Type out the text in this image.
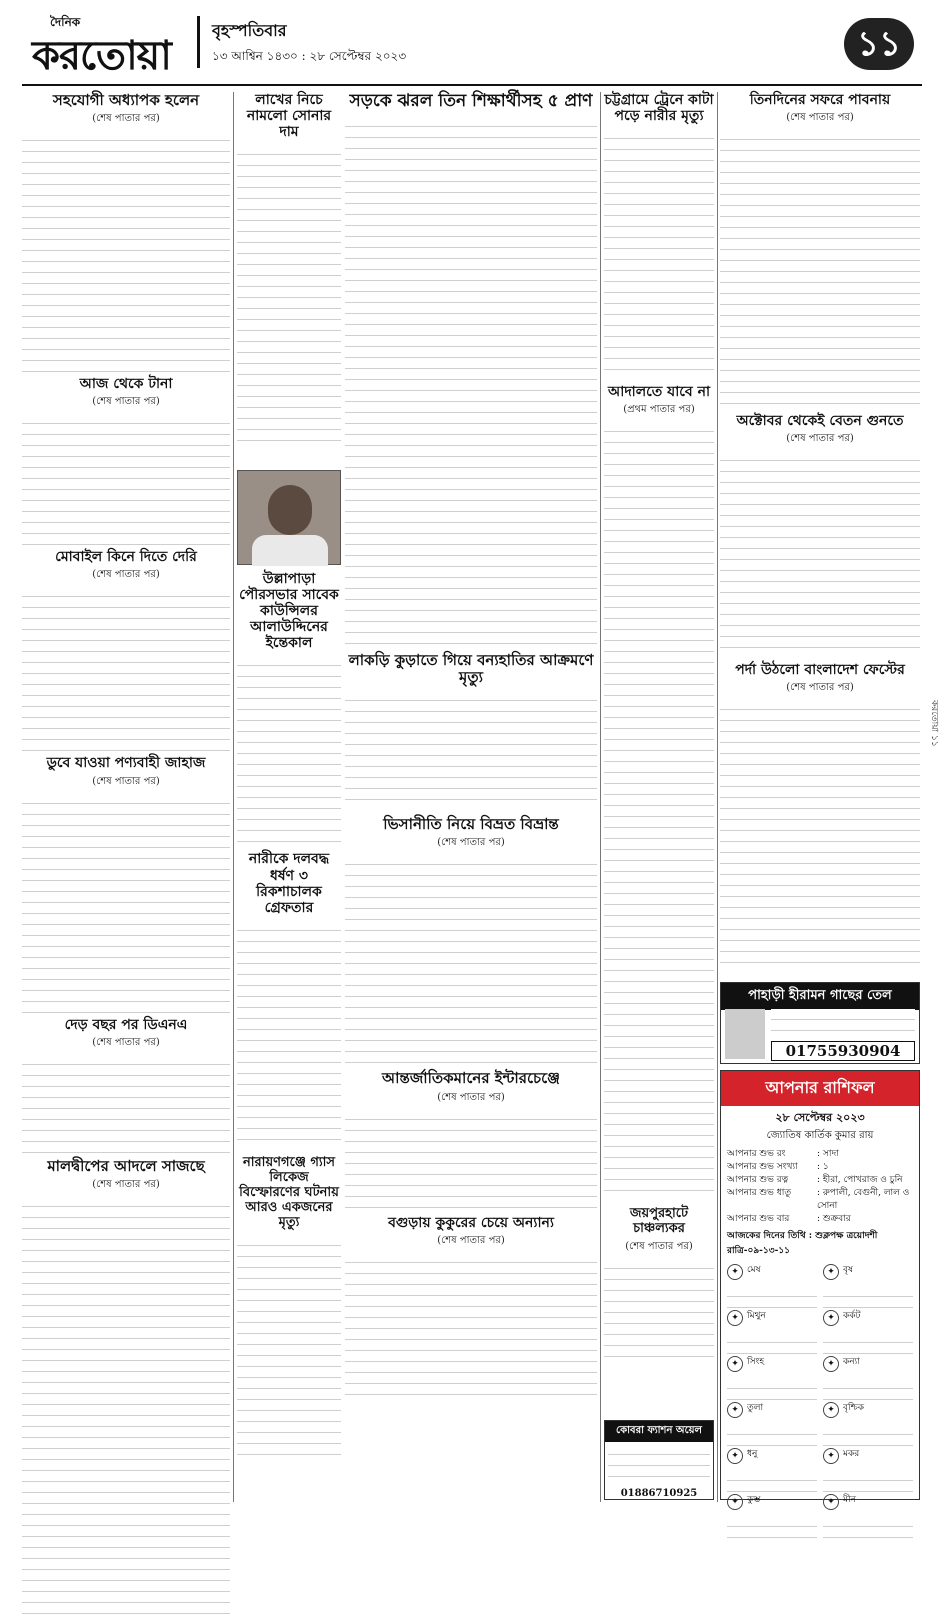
দৈনিক
করতোয়া
বৃহস্পতিবার
১৩ আশ্বিন ১৪৩০ : ২৮ সেপ্টেম্বর ২০২৩	১১
সহযোগী অধ্যাপক হলেন
(শেষ পাতার পর)
আজ থেকে টানা
(শেষ পাতার পর)
মোবাইল কিনে দিতে দেরি
(শেষ পাতার পর)
ডুবে যাওয়া পণ্যবাহী জাহাজ
(শেষ পাতার পর)
দেড় বছর পর ডিএনএ
(শেষ পাতার পর)
মালদ্বীপের আদলে সাজছে
(শেষ পাতার পর)
লাখের নিচে নামলো সোনার দাম
উল্লাপাড়া পৌরসভার সাবেক কাউন্সিলর আলাউদ্দিনের ইন্তেকাল
নারীকে দলবদ্ধ ধর্ষণ ৩ রিকশাচালক গ্রেফতার
নারায়ণগঞ্জে গ্যাস লিকেজ বিস্ফোরণের ঘটনায় আরও একজনের মৃত্যু
সড়কে ঝরল তিন শিক্ষার্থীসহ ৫ প্রাণ
লাকড়ি কুড়াতে গিয়ে বন্যহাতির আক্রমণে মৃত্যু
ভিসানীতি নিয়ে বিভ্রত বিভ্রান্ত
(শেষ পাতার পর)
আন্তর্জাতিকমানের ইন্টারচেঞ্জে
(শেষ পাতার পর)
বগুড়ায় কুকুরের চেয়ে অন্যান্য
(শেষ পাতার পর)
চট্টগ্রামে ট্রেনে কাটা পড়ে নারীর মৃত্যু
আদালতে যাবে না
(প্রথম পাতার পর)
জয়পুরহাটে চাঞ্চল্যকর
(শেষ পাতার পর)
তিনদিনের সফরে পাবনায়
(শেষ পাতার পর)
অক্টোবর থেকেই বেতন গুনতে
(শেষ পাতার পর)
পর্দা উঠলো বাংলাদেশ ফেস্টের
(শেষ পাতার পর)
পাহাড়ী হীরামন গাছের তেল
01755930904
আপনার রাশিফল
২৮ সেপ্টেম্বর ২০২৩
জ্যোতিষ কার্তিক কুমার রায়
আপনার শুভ রং	: সাদা
আপনার শুভ সংখ্যা	: ১
আপনার শুভ রত্ন	: হীরা, পোখরাজ ও চুনি
আপনার শুভ ধাতু	: রুপালী, বেগুনী, লাল ও সোনা
আপনার শুভ বার	: শুক্রবার
আজকের দিনের তিথি : শুক্লপক্ষ ত্রয়োদশী রাত্রি-০৯-১৩-১১
✦ মেষ	✦ বৃষ
✦ মিথুন	✦ কর্কট
✦ সিংহ	✦ কন্যা
✦ তুলা	✦ বৃশ্চিক
✦ ধনু	✦ মকর
✦ কুম্ভ	✦ মীন
কোবরা ফ্যাশন অয়েল
01886710925
করতোয়া ১১
